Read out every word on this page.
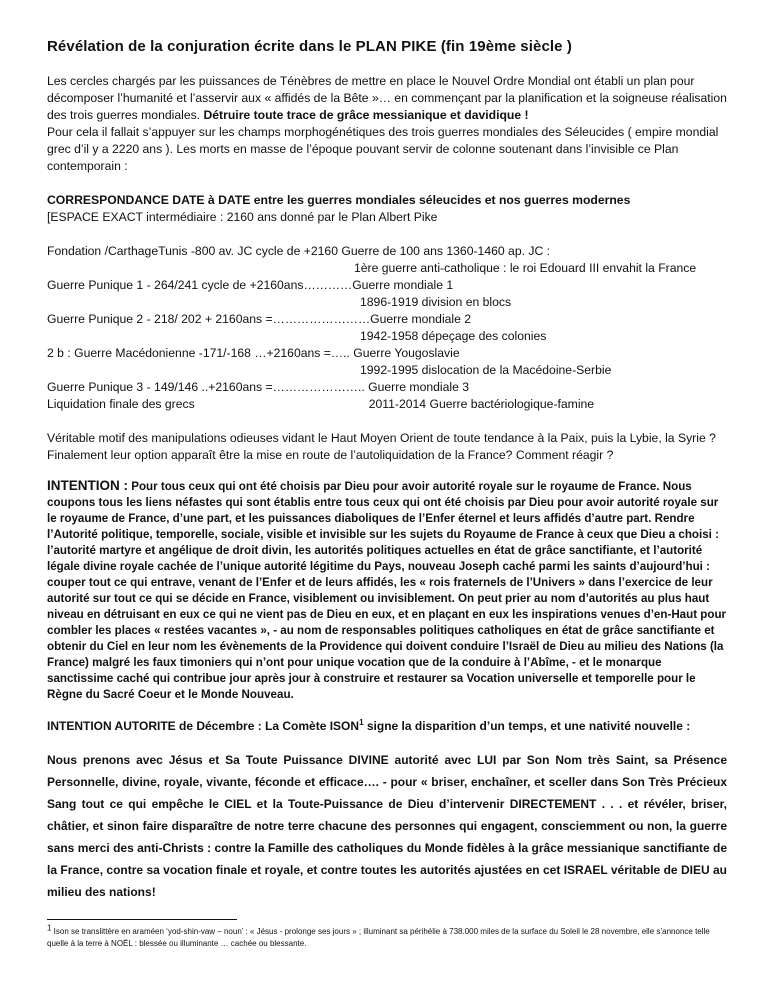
Révélation de la conjuration écrite dans le PLAN PIKE (fin 19ème siècle )

Les cercles chargés par les puissances de Ténèbres de mettre en place le Nouvel Ordre Mondial ont établi un plan pour décomposer l’humanité et l’asservir aux « affidés de la Bête »… en commençant par la planification et la soigneuse réalisation des trois guerres mondiales. Détruire toute trace de grâce messianique et davidique !
Pour cela il fallait s’appuyer sur les champs morphogénétiques des trois guerres mondiales des Séleucides ( empire mondial grec d’il y a 2220 ans ). Les morts en masse de l’époque pouvant servir de colonne soutenant dans l’invisible ce Plan contemporain :

CORRESPONDANCE DATE à DATE entre les guerres mondiales séleucides et nos guerres modernes
[ESPACE EXACT intermédiaire : 2160 ans donné par le Plan Albert Pike
Fondation /CarthageTunis -800 av. JC cycle de +2160 Guerre de 100 ans 1360-1460 ap. JC :
1ère guerre anti-catholique : le roi Edouard III envahit la France
Guerre Punique 1 - 264/241 cycle de +2160ans…………Guerre mondiale 1
1896-1919 division en blocs
Guerre Punique 2 - 218/ 202 + 2160ans =……………………Guerre mondiale 2
1942-1958 dépeçage des colonies
2 b : Guerre Macédonienne -171/-168 …+2160ans =….. Guerre Yougoslavie
1992-1995 dislocation de la Macédoine-Serbie
Guerre Punique 3 - 149/146 ..+2160ans =………………….. Guerre mondiale 3
Liquidation finale des grecs	2011-2014 Guerre bactériologique-famine

Véritable motif des manipulations odieuses vidant le Haut Moyen Orient de toute tendance à la Paix, puis la Lybie, la Syrie ? Finalement leur option apparaît être la mise en route de l’autoliquidation de la France? Comment réagir ?

INTENTION : Pour tous ceux qui ont été choisis par Dieu pour avoir autorité royale sur le royaume de France. Nous coupons tous les liens néfastes qui sont établis entre tous ceux qui ont été choisis par Dieu pour avoir autorité royale sur le royaume de France, d’une part, et les puissances diaboliques de l’Enfer éternel et leurs affidés d’autre part. Rendre l’Autorité politique, temporelle, sociale, visible et invisible sur les sujets du Royaume de France à ceux que Dieu a choisi : l’autorité martyre et angélique de droit divin, les autorités politiques actuelles en état de grâce sanctifiante, et l’autorité légale divine royale cachée de l’unique autorité légitime du Pays, nouveau Joseph caché parmi les saints d’aujourd’hui : couper tout ce qui entrave, venant de l’Enfer et de leurs affidés, les « rois fraternels de l’Univers » dans l’exercice de leur autorité sur tout ce qui se décide en France, visiblement ou invisiblement. On peut prier au nom d’autorités au plus haut niveau en détruisant en eux ce qui ne vient pas de Dieu en eux, et en plaçant en eux les inspirations venues d’en-Haut pour combler les places « restées vacantes », - au nom de responsables politiques catholiques en état de grâce sanctifiante et obtenir du Ciel en leur nom les évènements de la Providence qui doivent conduire l’Israël de Dieu au milieu des Nations (la France) malgré les faux timoniers qui n’ont pour unique vocation que de la conduire à l’Abîme, - et le monarque sanctissime caché qui contribue jour après jour à construire et restaurer sa Vocation universelle et temporelle pour le Règne du Sacré Coeur et le Monde Nouveau.

INTENTION AUTORITE de Décembre : La Comète ISON$^1$ signe la disparition d’un temps, et une nativité nouvelle :

Nous prenons avec Jésus et Sa Toute Puissance DIVINE autorité avec LUI par Son Nom très Saint, sa Présence Personnelle, divine, royale, vivante, féconde et efficace…. - pour « briser, enchaîner, et sceller dans Son Très Précieux Sang tout ce qui empêche le CIEL et la Toute-Puissance de Dieu d’intervenir DIRECTEMENT . . . et révéler, briser, châtier, et sinon faire disparaître de notre terre chacune des personnes qui engagent, consciemment ou non, la guerre sans merci des anti-Christs : contre la Famille des catholiques du Monde fidèles à la grâce messianique sanctifiante de la France, contre sa vocation finale et royale, et contre toutes les autorités ajustées en cet ISRAEL véritable de DIEU au milieu des nations!

$^1$ Ison se translittère en araméen ‘yod-shin-vaw – noun’ : « Jésus - prolonge ses jours » ; illuminant sa périhélie à 738.000 miles de la surface du Soleil le 28 novembre, elle s’annonce telle quelle à la terre à NOËL : blessée ou illuminante … cachée ou blessante.
